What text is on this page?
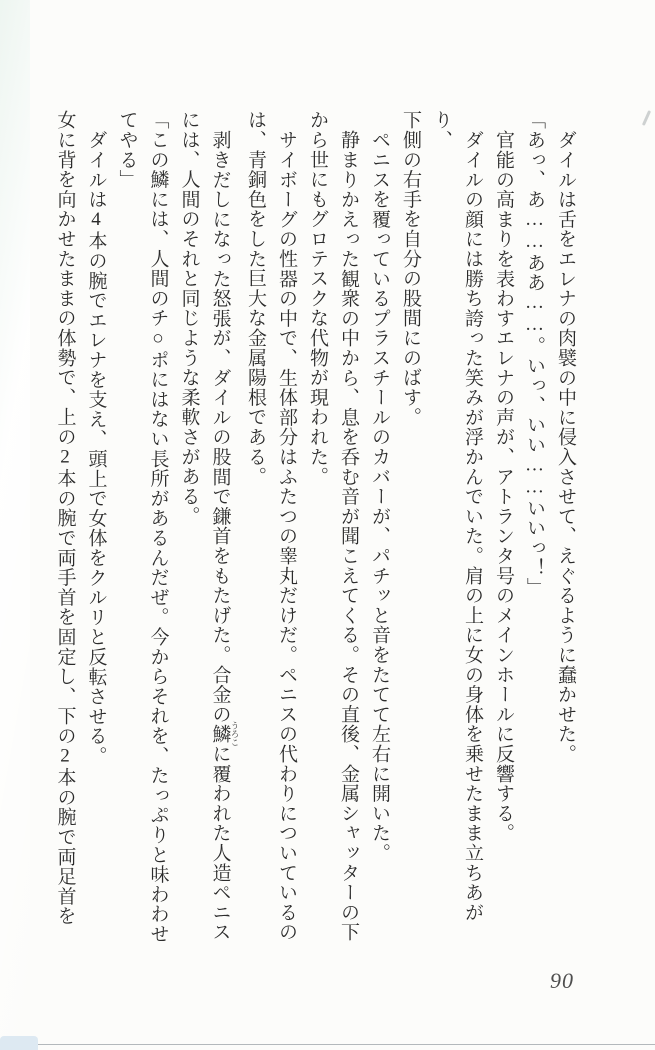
ダイルは舌をエレナの肉襞の中に侵入させて、えぐるように蠢かせた。

「あっ、あ……ああ……。いっ、いい……いいっ！」

官能の高まりを表わすエレナの声が、アトランタ号のメインホールに反響する。

ダイルの顔には勝ち誇った笑みが浮かんでいた。肩の上に女の身体を乗せたまま立ちあがり、

下側の右手を自分の股間にのばす。

ペニスを覆っているプラスチールのカバーが、パチッと音をたてて左右に開いた。

静まりかえった観衆の中から、息を呑む音が聞こえてくる。その直後、金属シャッターの下

から世にもグロテスクな代物が現われた。

サイボーグの性器の中で、生体部分はふたつの睾丸だけだ。ペニスの代わりについているの

は、青銅色をした巨大な金属陽根である。

剥きだしになった怒張が、ダイルの股間で鎌首をもたげた。合金の鱗 うろこに覆われた人造ペニス

には、人間のそれと同じような柔軟さがある。

「この鱗には、人間のチ○ポにはない長所があるんだぜ。今からそれを、たっぷりと味わわせ

てやる」

ダイルは4本の腕でエレナを支え、頭上で女体をクルリと反転させる。

女に背を向かせたままの体勢で、上の2本の腕で両手首を固定し、下の2本の腕で両足首を

90
